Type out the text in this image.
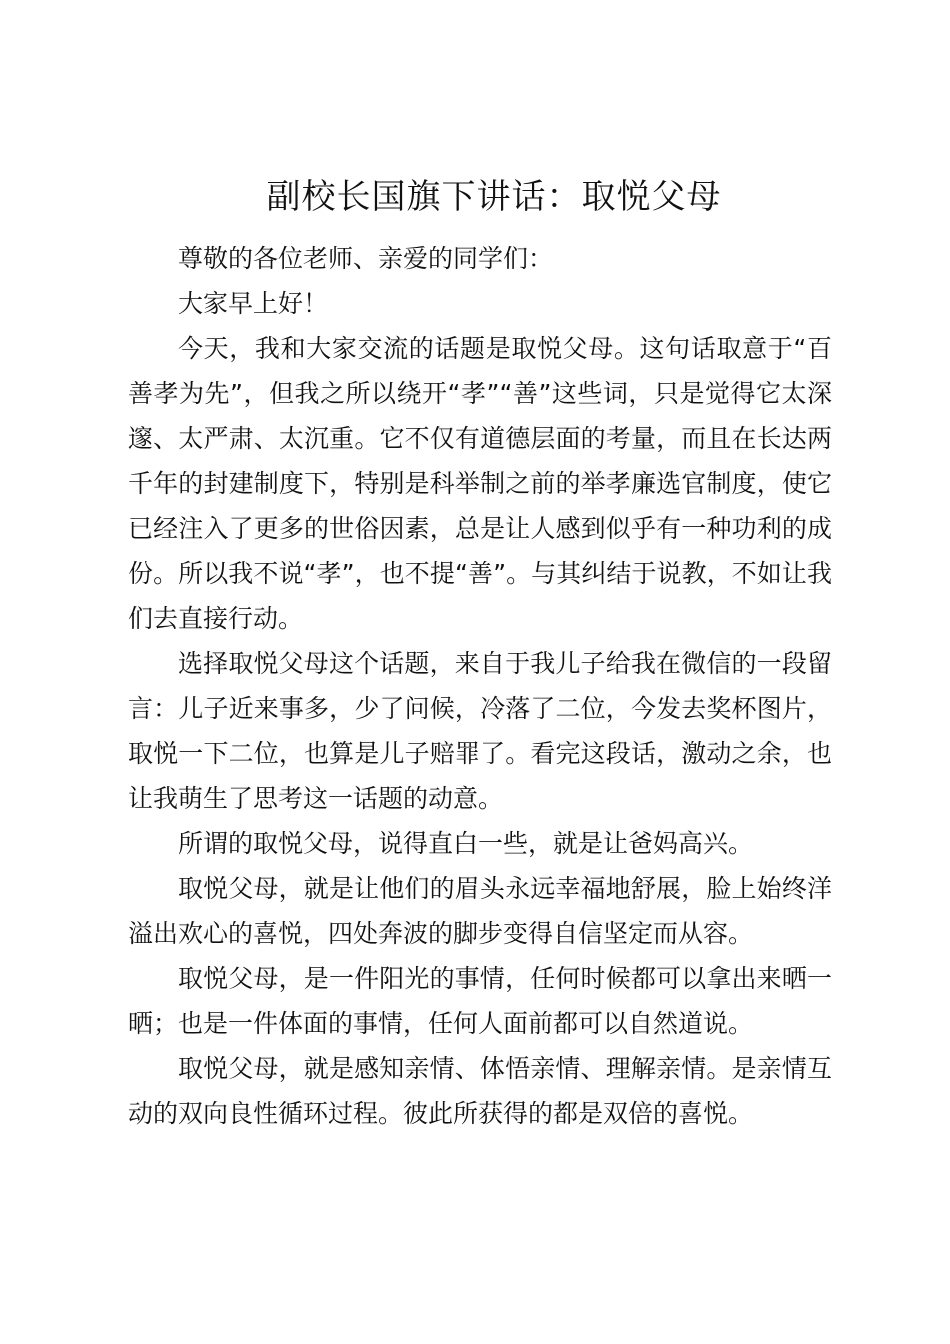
副校长国旗下讲话：取悦父母

尊敬的各位老师、亲爱的同学们：

大家早上好！

今天，我和大家交流的话题是取悦父母。这句话取意于“百善孝为先”，但我之所以绕开“孝”“善”这些词，只是觉得它太深邃、太严肃、太沉重。它不仅有道德层面的考量，而且在长达两千年的封建制度下，特别是科举制之前的举孝廉选官制度，使它已经注入了更多的世俗因素，总是让人感到似乎有一种功利的成份。所以我不说“孝”，也不提“善”。与其纠结于说教，不如让我们去直接行动。

选择取悦父母这个话题，来自于我儿子给我在微信的一段留言：儿子近来事多，少了问候，冷落了二位，今发去奖杯图片，取悦一下二位，也算是儿子赔罪了。看完这段话，激动之余，也让我萌生了思考这一话题的动意。

所谓的取悦父母，说得直白一些，就是让爸妈高兴。

取悦父母，就是让他们的眉头永远幸福地舒展，脸上始终洋溢出欢心的喜悦，四处奔波的脚步变得自信坚定而从容。

取悦父母，是一件阳光的事情，任何时候都可以拿出来晒一晒；也是一件体面的事情，任何人面前都可以自然道说。

取悦父母，就是感知亲情、体悟亲情、理解亲情。是亲情互动的双向良性循环过程。彼此所获得的都是双倍的喜悦。
